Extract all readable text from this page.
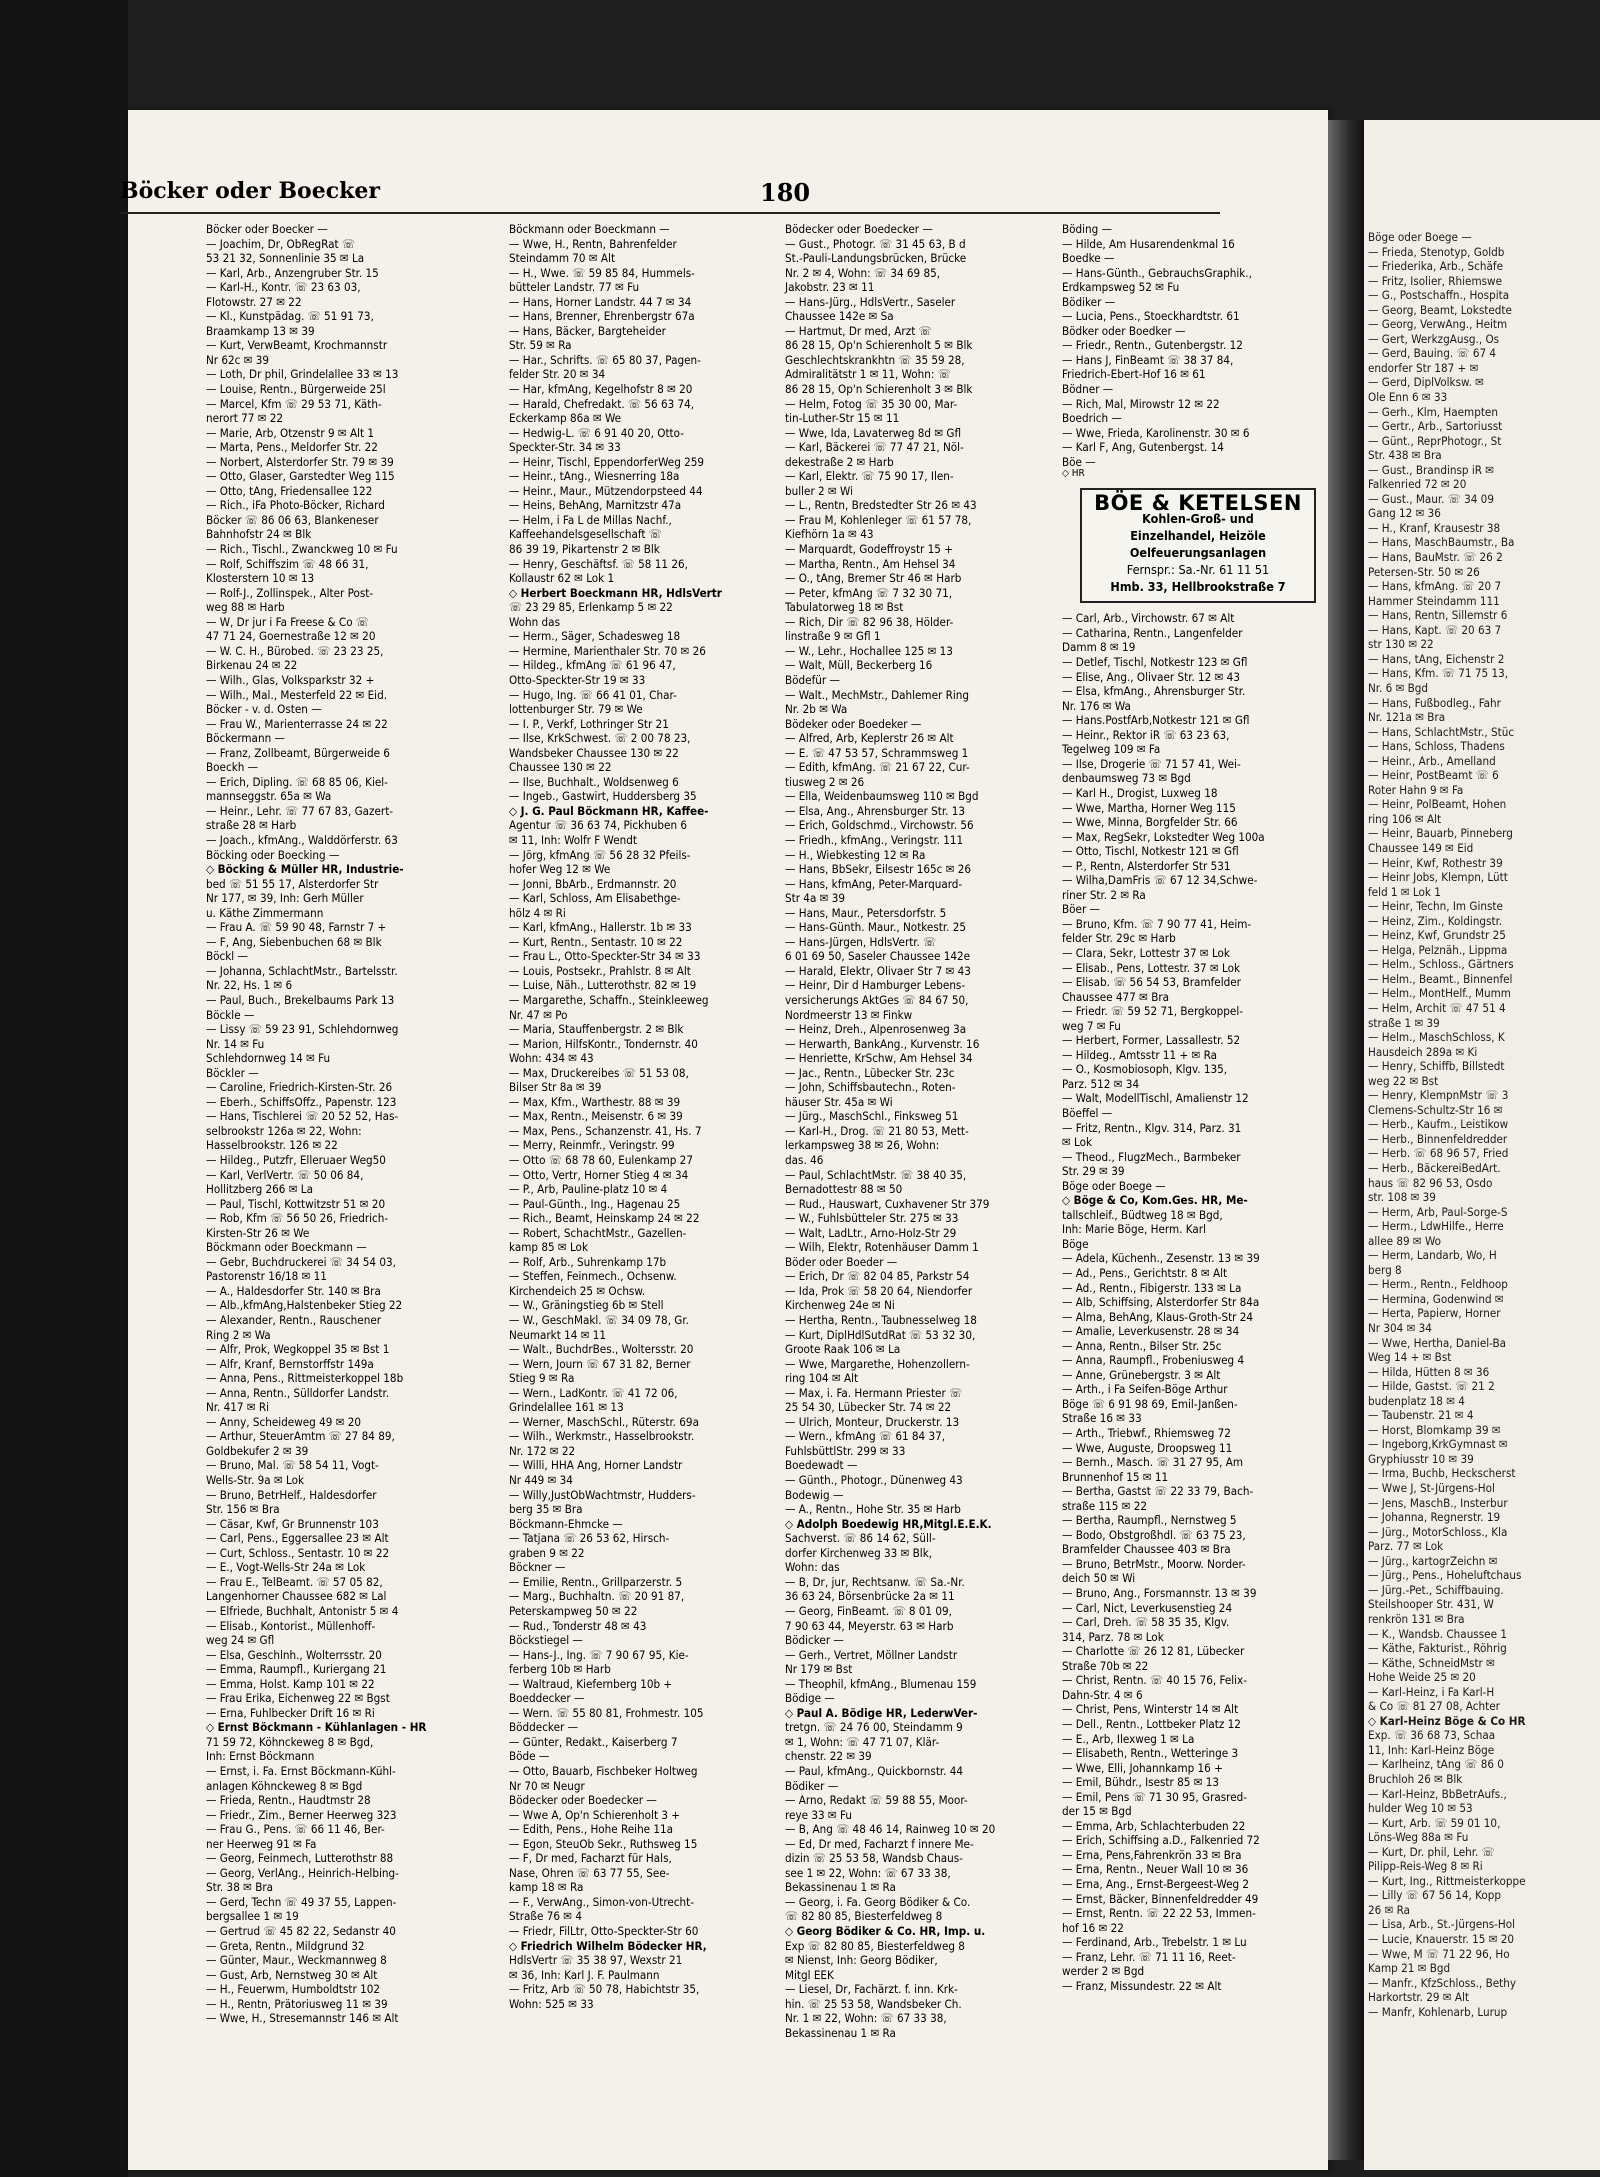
Böge oder Boege —
— Frieda, Stenotyp, Goldb
— Friederika, Arb., Schäfe
— Fritz, Isolier, Rhiemswe
— G., Postschaffn., Hospita
— Georg, Beamt, Lokstedte
— Georg, VerwAng., Heitm
— Gert, WerkzgAusg., Os
— Gerd, Bauing. ☏ 67 4
endorfer Str 187 + ✉
— Gerd, DiplVolksw. ✉
Ole Enn 6 ✉ 33
— Gerh., Klm, Haempten
— Gertr., Arb., Sartoriusst
— Günt., ReprPhotogr., St
Str. 438 ✉ Bra
— Gust., Brandinsp iR ✉
Falkenried 72 ✉ 20
— Gust., Maur. ☏ 34 09
Gang 12 ✉ 36
— H., Kranf, Krausestr 38
— Hans, MaschBaumstr., Ba
— Hans, BauMstr. ☏ 26 2
Petersen-Str. 50 ✉ 26
— Hans, kfmAng. ☏ 20 7
Hammer Steindamm 111
— Hans, Rentn, Sillemstr 6
— Hans, Kapt. ☏ 20 63 7
str 130 ✉ 22
— Hans, tAng, Eichenstr 2
— Hans, Kfm. ☏ 71 75 13,
Nr. 6 ✉ Bgd
— Hans, Fußbodleg., Fahr
Nr. 121a ✉ Bra
— Hans, SchlachtMstr., Stüc
— Hans, Schloss, Thadens
— Heinr., Arb., Amelland
— Heinr, PostBeamt ☏ 6
Roter Hahn 9 ✉ Fa
— Heinr, PolBeamt, Hohen
ring 106 ✉ Alt
— Heinr, Bauarb, Pinneberg
Chaussee 149 ✉ Eid
— Heinr, Kwf, Rothestr 39
— Heinr Jobs, Klempn, Lütt
feld 1 ✉ Lok 1
— Heinr, Techn, Im Ginste
— Heinz, Zim., Koldingstr.
— Heinz, Kwf, Grundstr 25
— Helga, Pelznäh., Lippma
— Helm., Schloss., Gärtners
— Helm., Beamt., Binnenfel
— Helm., MontHelf., Mumm
— Helm, Archit ☏ 47 51 4
straße 1 ✉ 39
— Helm., MaschSchloss, K
Hausdeich 289a ✉ Ki
— Henry, Schiffb, Billstedt
weg 22 ✉ Bst
— Henry, KlempnMstr ☏ 3
Clemens-Schultz-Str 16 ✉
— Herb., Kaufm., Leistikow
— Herb., Binnenfeldredder
— Herb. ☏ 68 96 57, Fried
— Herb., BäckereiBedArt.
haus ☏ 82 96 53, Osdo
str. 108 ✉ 39
— Herm, Arb, Paul-Sorge-S
— Herm., LdwHilfe., Herre
allee 89 ✉ Wo
— Herm, Landarb, Wo, H
berg 8
— Herm., Rentn., Feldhoop
— Hermina, Godenwind ✉
— Herta, Papierw, Horner
Nr 304 ✉ 34
— Wwe, Hertha, Daniel-Ba
Weg 14 + ✉ Bst
— Hilda, Hütten 8 ✉ 36
— Hilde, Gastst. ☏ 21 2
budenplatz 18 ✉ 4
— Taubenstr. 21 ✉ 4
— Horst, Blomkamp 39 ✉
— Ingeborg,KrkGymnast ✉
Gryphiusstr 10 ✉ 39
— Irma, Buchb, Heckscherst
— Wwe J, St-Jürgens-Hol
— Jens, MaschB., Insterbur
— Johanna, Regnerstr. 19
— Jürg., MotorSchloss., Kla
Parz. 77 ✉ Lok
— Jürg., kartogrZeichn ✉
— Jürg., Pens., Hoheluftchaus
— Jürg.-Pet., Schiffbauing.
Steilshooper Str. 431, W
renkrön 131 ✉ Bra
— K., Wandsb. Chaussee 1
— Käthe, Fakturist., Röhrig
— Käthe, SchneidMstr ✉
Hohe Weide 25 ✉ 20
— Karl-Heinz, i Fa Karl-H
& Co ☏ 81 27 08, Achter
◇ Karl-Heinz Böge & Co HR
Exp. ☏ 36 68 73, Schaa
11, Inh: Karl-Heinz Böge
— Karlheinz, tAng ☏ 86 0
Bruchloh 26 ✉ Blk
— Karl-Heinz, BbBetrAufs.,
hulder Weg 10 ✉ 53
— Kurt, Arb. ☏ 59 01 10,
Löns-Weg 88a ✉ Fu
— Kurt, Dr. phil, Lehr. ☏
Pilipp-Reis-Weg 8 ✉ Ri
— Kurt, Ing., Rittmeisterkoppe
— Lilly ☏ 67 56 14, Kopp
26 ✉ Ra
— Lisa, Arb., St.-Jürgens-Hol
— Lucie, Knauerstr. 15 ✉ 20
— Wwe, M ☏ 71 22 96, Ho
Kamp 21 ✉ Bgd
— Manfr., KfzSchloss., Bethy
Harkortstr. 29 ✉ Alt
— Manfr, Kohlenarb, Lurup
Böcker oder Boecker	180
Böcker oder Boecker —
— Joachim, Dr, ObRegRat ☏
53 21 32, Sonnenlinie 35 ✉ La
— Karl, Arb., Anzengruber Str. 15
— Karl-H., Kontr. ☏ 23 63 03,
Flotowstr. 27 ✉ 22
— Kl., Kunstpädag. ☏ 51 91 73,
Braamkamp 13 ✉ 39
— Kurt, VerwBeamt, Krochmannstr
Nr 62c ✉ 39
— Loth, Dr phil, Grindelallee 33 ✉ 13
— Louise, Rentn., Bürgerweide 25l
— Marcel, Kfm ☏ 29 53 71, Käth-
nerort 77 ✉ 22
— Marie, Arb, Otzenstr 9 ✉ Alt 1
— Marta, Pens., Meldorfer Str. 22
— Norbert, Alsterdorfer Str. 79 ✉ 39
— Otto, Glaser, Garstedter Weg 115
— Otto, tAng, Friedensallee 122
— Rich., iFa Photo-Böcker, Richard
Böcker ☏ 86 06 63, Blankeneser
Bahnhofstr 24 ✉ Blk
— Rich., Tischl., Zwanckweg 10 ✉ Fu
— Rolf, Schiffszim ☏ 48 66 31,
Klosterstern 10 ✉ 13
— Rolf-J., Zollinspek., Alter Post-
weg 88 ✉ Harb
— W, Dr jur i Fa Freese & Co ☏
47 71 24, Goernestraße 12 ✉ 20
— W. C. H., Bürobed. ☏ 23 23 25,
Birkenau 24 ✉ 22
— Wilh., Glas, Volksparkstr 32 +
— Wilh., Mal., Mesterfeld 22 ✉ Eid.
Böcker - v. d. Osten —
— Frau W., Marienterrasse 24 ✉ 22
Böckermann —
— Franz, Zollbeamt, Bürgerweide 6
Boeckh —
— Erich, Dipling. ☏ 68 85 06, Kiel-
mannseggstr. 65a ✉ Wa
— Heinr., Lehr. ☏ 77 67 83, Gazert-
straße 28 ✉ Harb
— Joach., kfmAng., Walddörferstr. 63
Böcking oder Boecking —
◇ Böcking & Müller HR, Industrie-
bed ☏ 51 55 17, Alsterdorfer Str
Nr 177, ✉ 39, Inh: Gerh Müller
u. Käthe Zimmermann
— Frau A. ☏ 59 90 48, Farnstr 7 +
— F, Ang, Siebenbuchen 68 ✉ Blk
Böckl —
— Johanna, SchlachtMstr., Bartelsstr.
Nr. 22, Hs. 1 ✉ 6
— Paul, Buch., Brekelbaums Park 13
Böckle —
— Lissy ☏ 59 23 91, Schlehdornweg
Nr. 14 ✉ Fu
Schlehdornweg 14 ✉ Fu
Böckler —
— Caroline, Friedrich-Kirsten-Str. 26
— Eberh., SchiffsOffz., Papenstr. 123
— Hans, Tischlerei ☏ 20 52 52, Has-
selbrookstr 126a ✉ 22, Wohn:
Hasselbrookstr. 126 ✉ 22
— Hildeg., Putzfr, Elleruaer Weg50
— Karl, VerlVertr. ☏ 50 06 84,
Hollitzberg 266 ✉ La
— Paul, Tischl, Kottwitzstr 51 ✉ 20
— Rob, Kfm ☏ 56 50 26, Friedrich-
Kirsten-Str 26 ✉ We
Böckmann oder Boeckmann —
— Gebr, Buchdruckerei ☏ 34 54 03,
Pastorenstr 16/18 ✉ 11
— A., Haldesdorfer Str. 140 ✉ Bra
— Alb.,kfmAng,Halstenbeker Stieg 22
— Alexander, Rentn., Rauschener
Ring 2 ✉ Wa
— Alfr, Prok, Wegkoppel 35 ✉ Bst 1
— Alfr, Kranf, Bernstorffstr 149a
— Anna, Pens., Rittmeisterkoppel 18b
— Anna, Rentn., Sülldorfer Landstr.
Nr. 417 ✉ Ri
— Anny, Scheideweg 49 ✉ 20
— Arthur, SteuerAmtm ☏ 27 84 89,
Goldbekufer 2 ✉ 39
— Bruno, Mal. ☏ 58 54 11, Vogt-
Wells-Str. 9a ✉ Lok
— Bruno, BetrHelf., Haldesdorfer
Str. 156 ✉ Bra
— Cäsar, Kwf, Gr Brunnenstr 103
— Carl, Pens., Eggersallee 23 ✉ Alt
— Curt, Schloss., Sentastr. 10 ✉ 22
— E., Vogt-Wells-Str 24a ✉ Lok
— Frau E., TelBeamt. ☏ 57 05 82,
Langenhorner Chaussee 682 ✉ Lal
— Elfriede, Buchhalt, Antonistr 5 ✉ 4
— Elisab., Kontorist., Müllenhoff-
weg 24 ✉ Gfl
— Elsa, Geschlnh., Wolterrsstr. 20
— Emma, Raumpfl., Kuriergang 21
— Emma, Holst. Kamp 101 ✉ 22
— Frau Erika, Eichenweg 22 ✉ Bgst
— Erna, Fuhlbecker Drift 16 ✉ Ri
◇ Ernst Böckmann - Kühlanlagen - HR
71 59 72, Köhnckeweg 8 ✉ Bgd,
Inh: Ernst Böckmann
— Ernst, i. Fa. Ernst Böckmann-Kühl-
anlagen Köhnckeweg 8 ✉ Bgd
— Frieda, Rentn., Haudtmstr 28
— Friedr., Zim., Berner Heerweg 323
— Frau G., Pens. ☏ 66 11 46, Ber-
ner Heerweg 91 ✉ Fa
— Georg, Feinmech, Lutterothstr 88
— Georg, VerlAng., Heinrich-Helbing-
Str. 38 ✉ Bra
— Gerd, Techn ☏ 49 37 55, Lappen-
bergsallee 1 ✉ 19
— Gertrud ☏ 45 82 22, Sedanstr 40
— Greta, Rentn., Mildgrund 32
— Günter, Maur., Weckmannweg 8
— Gust, Arb, Nernstweg 30 ✉ Alt
— H., Feuerwm, Humboldtstr 102
— H., Rentn, Prätoriusweg 11 ✉ 39
— Wwe, H., Stresemannstr 146 ✉ Alt
Böckmann oder Boeckmann —
— Wwe, H., Rentn, Bahrenfelder
Steindamm 70 ✉ Alt
— H., Wwe. ☏ 59 85 84, Hummels-
bütteler Landstr. 77 ✉ Fu
— Hans, Horner Landstr. 44 7 ✉ 34
— Hans, Brenner, Ehrenbergstr 67a
— Hans, Bäcker, Bargteheider
Str. 59 ✉ Ra
— Har., Schrifts. ☏ 65 80 37, Pagen-
felder Str. 20 ✉ 34
— Har, kfmAng, Kegelhofstr 8 ✉ 20
— Harald, Chefredakt. ☏ 56 63 74,
Eckerkamp 86a ✉ We
— Hedwig-L. ☏ 6 91 40 20, Otto-
Speckter-Str. 34 ✉ 33
— Heinr, Tischl, EppendorferWeg 259
— Heinr., tAng., Wiesnerring 18a
— Heinr., Maur., Mützendorpsteed 44
— Heins, BehAng, Marnitzstr 47a
— Helm, i Fa L de Millas Nachf.,
Kaffeehandelsgesellschaft ☏
86 39 19, Pikartenstr 2 ✉ Blk
— Henry, Geschäftsf. ☏ 58 11 26,
Kollaustr 62 ✉ Lok 1
◇ Herbert Boeckmann HR, HdlsVertr
☏ 23 29 85, Erlenkamp 5 ✉ 22
Wohn das
— Herm., Säger, Schadesweg 18
— Hermine, Marienthaler Str. 70 ✉ 26
— Hildeg., kfmAng ☏ 61 96 47,
Otto-Speckter-Str 19 ✉ 33
— Hugo, Ing. ☏ 66 41 01, Char-
lottenburger Str. 79 ✉ We
— I. P., Verkf, Lothringer Str 21
— Ilse, KrkSchwest. ☏ 2 00 78 23,
Wandsbeker Chaussee 130 ✉ 22
Chaussee 130 ✉ 22
— Ilse, Buchhalt., Woldsenweg 6
— Ingeb., Gastwirt, Huddersberg 35
◇ J. G. Paul Böckmann HR, Kaffee-
Agentur ☏ 36 63 74, Pickhuben 6
✉ 11, Inh: Wolfr F Wendt
— Jörg, kfmAng ☏ 56 28 32 Pfeils-
hofer Weg 12 ✉ We
— Jonni, BbArb., Erdmannstr. 20
— Karl, Schloss, Am Elisabethge-
hölz 4 ✉ Ri
— Karl, kfmAng., Hallerstr. 1b ✉ 33
— Kurt, Rentn., Sentastr. 10 ✉ 22
— Frau L., Otto-Speckter-Str 34 ✉ 33
— Louis, Postsekr., Prahlstr. 8 ✉ Alt
— Luise, Näh., Lutterothstr. 82 ✉ 19
— Margarethe, Schaffn., Steinkleeweg
Nr. 47 ✉ Po
— Maria, Stauffenbergstr. 2 ✉ Blk
— Marion, HilfsKontr., Tondernstr. 40
Wohn: 434 ✉ 43
— Max, Druckereibes ☏ 51 53 08,
Bilser Str 8a ✉ 39
— Max, Kfm., Warthestr. 88 ✉ 39
— Max, Rentn., Meisenstr. 6 ✉ 39
— Max, Pens., Schanzenstr. 41, Hs. 7
— Merry, Reinmfr., Veringstr. 99
— Otto ☏ 68 78 60, Eulenkamp 27
— Otto, Vertr, Horner Stieg 4 ✉ 34
— P., Arb, Pauline-platz 10 ✉ 4
— Paul-Günth., Ing., Hagenau 25
— Rich., Beamt, Heinskamp 24 ✉ 22
— Robert, SchachtMstr., Gazellen-
kamp 85 ✉ Lok
— Rolf, Arb., Suhrenkamp 17b
— Steffen, Feinmech., Ochsenw.
Kirchendeich 25 ✉ Ochsw.
— W., Gräningstieg 6b ✉ Stell
— W., GeschMakl. ☏ 34 09 78, Gr.
Neumarkt 14 ✉ 11
— Walt., BuchdrBes., Woltersstr. 20
— Wern, Journ ☏ 67 31 82, Berner
Stieg 9 ✉ Ra
— Wern., LadKontr. ☏ 41 72 06,
Grindelallee 161 ✉ 13
— Werner, MaschSchl., Rüterstr. 69a
— Wilh., Werkmstr., Hasselbrookstr.
Nr. 172 ✉ 22
— Willi, HHA Ang, Horner Landstr
Nr 449 ✉ 34
— Willy,JustObWachtmstr, Hudders-
berg 35 ✉ Bra
Böckmann-Ehmcke —
— Tatjana ☏ 26 53 62, Hirsch-
graben 9 ✉ 22
Böckner —
— Emilie, Rentn., Grillparzerstr. 5
— Marg., Buchhaltn. ☏ 20 91 87,
Peterskampweg 50 ✉ 22
— Rud., Tonderstr 48 ✉ 43
Böckstiegel —
— Hans-J., Ing. ☏ 7 90 67 95, Kie-
ferberg 10b ✉ Harb
— Waltraud, Kiefernberg 10b +
Boeddecker —
— Wern. ☏ 55 80 81, Frohmestr. 105
Böddecker —
— Günter, Redakt., Kaiserberg 7
Böde —
— Otto, Bauarb, Fischbeker Holtweg
Nr 70 ✉ Neugr
Bödecker oder Boedecker —
— Wwe A, Op'n Schierenholt 3 +
— Edith, Pens., Hohe Reihe 11a
— Egon, SteuOb Sekr., Ruthsweg 15
— F, Dr med, Facharzt für Hals,
Nase, Ohren ☏ 63 77 55, See-
kamp 18 ✉ Ra
— F., VerwAng., Simon-von-Utrecht-
Straße 76 ✉ 4
— Friedr, FilLtr, Otto-Speckter-Str 60
◇ Friedrich Wilhelm Bödecker HR,
HdlsVertr ☏ 35 38 97, Wexstr 21
✉ 36, Inh: Karl J. F. Paulmann
— Fritz, Arb ☏ 50 78, Habichtstr 35,
Wohn: 525 ✉ 33
Bödecker oder Boedecker —
— Gust., Photogr. ☏ 31 45 63, B d
St.-Pauli-Landungsbrücken, Brücke
Nr. 2 ✉ 4, Wohn: ☏ 34 69 85,
Jakobstr. 23 ✉ 11
— Hans-Jürg., HdlsVertr., Saseler
Chaussee 142e ✉ Sa
— Hartmut, Dr med, Arzt ☏
86 28 15, Op'n Schierenholt 5 ✉ Blk
Geschlechtskrankhtn ☏ 35 59 28,
Admiralitätstr 1 ✉ 11, Wohn: ☏
86 28 15, Op'n Schierenholt 3 ✉ Blk
— Helm, Fotog ☏ 35 30 00, Mar-
tin-Luther-Str 15 ✉ 11
— Wwe, Ida, Lavaterweg 8d ✉ Gfl
— Karl, Bäckerei ☏ 77 47 21, Nöl-
dekestraße 2 ✉ Harb
— Karl, Elektr. ☏ 75 90 17, Ilen-
buller 2 ✉ Wi
— L., Rentn, Bredstedter Str 26 ✉ 43
— Frau M, Kohlenleger ☏ 61 57 78,
Kiefhörn 1a ✉ 43
— Marquardt, Godeffroystr 15 +
— Martha, Rentn., Am Hehsel 34
— O., tAng, Bremer Str 46 ✉ Harb
— Peter, kfmAng ☏ 7 32 30 71,
Tabulatorweg 18 ✉ Bst
— Rich, Dir ☏ 82 96 38, Hölder-
linstraße 9 ✉ Gfl 1
— W., Lehr., Hochallee 125 ✉ 13
— Walt, Müll, Beckerberg 16
Bödefür —
— Walt., MechMstr., Dahlemer Ring
Nr. 2b ✉ Wa
Bödeker oder Boedeker —
— Alfred, Arb, Keplerstr 26 ✉ Alt
— E. ☏ 47 53 57, Schrammsweg 1
— Edith, kfmAng. ☏ 21 67 22, Cur-
tiusweg 2 ✉ 26
— Ella, Weidenbaumsweg 110 ✉ Bgd
— Elsa, Ang., Ahrensburger Str. 13
— Erich, Goldschmd., Virchowstr. 56
— Friedh., kfmAng., Veringstr. 111
— H., Wiebkesting 12 ✉ Ra
— Hans, BbSekr, Eilsestr 165c ✉ 26
— Hans, kfmAng, Peter-Marquard-
Str 4a ✉ 39
— Hans, Maur., Petersdorfstr. 5
— Hans-Günth. Maur., Notkestr. 25
— Hans-Jürgen, HdlsVertr. ☏
6 01 69 50, Saseler Chaussee 142e
— Harald, Elektr, Olivaer Str 7 ✉ 43
— Heinr, Dir d Hamburger Lebens-
versicherungs AktGes ☏ 84 67 50,
Nordmeerstr 13 ✉ Finkw
— Heinz, Dreh., Alpenrosenweg 3a
— Herwarth, BankAng., Kurvenstr. 16
— Henriette, KrSchw, Am Hehsel 34
— Jac., Rentn., Lübecker Str. 23c
— John, Schiffsbautechn., Roten-
häuser Str. 45a ✉ Wi
— Jürg., MaschSchl., Finksweg 51
— Karl-H., Drog. ☏ 21 80 53, Mett-
lerkampsweg 38 ✉ 26, Wohn:
das. 46
— Paul, SchlachtMstr. ☏ 38 40 35,
Bernadottestr 88 ✉ 50
— Rud., Hauswart, Cuxhavener Str 379
— W., Fuhlsbütteler Str. 275 ✉ 33
— Walt, LadLtr., Arno-Holz-Str 29
— Wilh, Elektr, Rotenhäuser Damm 1
Böder oder Boeder —
— Erich, Dr ☏ 82 04 85, Parkstr 54
— Ida, Prok ☏ 58 20 64, Niendorfer
Kirchenweg 24e ✉ Ni
— Hertha, Rentn., Taubnesselweg 18
— Kurt, DiplHdlSutdRat ☏ 53 32 30,
Groote Raak 106 ✉ La
— Wwe, Margarethe, Hohenzollern-
ring 104 ✉ Alt
— Max, i. Fa. Hermann Priester ☏
25 54 30, Lübecker Str. 74 ✉ 22
— Ulrich, Monteur, Druckerstr. 13
— Wern., kfmAng ☏ 61 84 37,
FuhlsbüttlStr. 299 ✉ 33
Boedewadt —
— Günth., Photogr., Dünenweg 43
Bodewig —
— A., Rentn., Hohe Str. 35 ✉ Harb
◇ Adolph Boedewig HR,Mitgl.E.E.K.
Sachverst. ☏ 86 14 62, Süll-
dorfer Kirchenweg 33 ✉ Blk,
Wohn: das
— B, Dr, jur, Rechtsanw. ☏ Sa.-Nr.
36 63 24, Börsenbrücke 2a ✉ 11
— Georg, FinBeamt. ☏ 8 01 09,
7 90 63 44, Meyerstr. 63 ✉ Harb
Bödicker —
— Gerh., Vertret, Möllner Landstr
Nr 179 ✉ Bst
— Theophil, kfmAng., Blumenau 159
Bödige —
◇ Paul A. Bödige HR, LederwVer-
tretgn. ☏ 24 76 00, Steindamm 9
✉ 1, Wohn: ☏ 47 71 07, Klär-
chenstr. 22 ✉ 39
— Paul, kfmAng., Quickbornstr. 44
Bödiker —
— Arno, Redakt ☏ 59 88 55, Moor-
reye 33 ✉ Fu
— B, Ang ☏ 48 46 14, Rainweg 10 ✉ 20
— Ed, Dr med, Facharzt f innere Me-
dizin ☏ 25 53 58, Wandsb Chaus-
see 1 ✉ 22, Wohn: ☏ 67 33 38,
Bekassinenau 1 ✉ Ra
— Georg, i. Fa. Georg Bödiker & Co.
☏ 82 80 85, Biesterfeldweg 8
◇ Georg Bödiker & Co. HR, Imp. u.
Exp ☏ 82 80 85, Biesterfeldweg 8
✉ Nienst, Inh: Georg Bödiker,
Mitgl EEK
— Liesel, Dr, Fachärzt. f. inn. Krk-
hin. ☏ 25 53 58, Wandsbeker Ch.
Nr. 1 ✉ 22, Wohn: ☏ 67 33 38,
Bekassinenau 1 ✉ Ra
Böding —
— Hilde, Am Husarendenkmal 16
Boedke —
— Hans-Günth., GebrauchsGraphik.,
Erdkampsweg 52 ✉ Fu
Bödiker —
— Lucia, Pens., Stoeckhardtstr. 61
Bödker oder Boedker —
— Friedr., Rentn., Gutenbergstr. 12
— Hans J, FinBeamt ☏ 38 37 84,
Friedrich-Ebert-Hof 16 ✉ 61
Bödner —
— Rich, Mal, Mirowstr 12 ✉ 22
Boedrich —
— Wwe, Frieda, Karolinenstr. 30 ✉ 6
— Karl F, Ang, Gutenbergst. 14
Böe —
◇ HR
BÖE & KETELSEN
Kohlen-Groß- und
Einzelhandel, Heizöle
Oelfeuerungsanlagen
Fernspr.: Sa.-Nr. 61 11 51
Hmb. 33, Hellbrookstraße 7
— Carl, Arb., Virchowstr. 67 ✉ Alt
— Catharina, Rentn., Langenfelder
Damm 8 ✉ 19
— Detlef, Tischl, Notkestr 123 ✉ Gfl
— Elise, Ang., Olivaer Str. 12 ✉ 43
— Elsa, kfmAng., Ahrensburger Str.
Nr. 176 ✉ Wa
— Hans.PostfArb,Notkestr 121 ✉ Gfl
— Heinr., Rektor iR ☏ 63 23 63,
Tegelweg 109 ✉ Fa
— Ilse, Drogerie ☏ 71 57 41, Wei-
denbaumsweg 73 ✉ Bgd
— Karl H., Drogist, Luxweg 18
— Wwe, Martha, Horner Weg 115
— Wwe, Minna, Borgfelder Str. 66
— Max, RegSekr, Lokstedter Weg 100a
— Otto, Tischl, Notkestr 121 ✉ Gfl
— P., Rentn, Alsterdorfer Str 531
— Wilha,DamFris ☏ 67 12 34,Schwe-
riner Str. 2 ✉ Ra
Böer —
— Bruno, Kfm. ☏ 7 90 77 41, Heim-
felder Str. 29c ✉ Harb
— Clara, Sekr, Lottestr 37 ✉ Lok
— Elisab., Pens, Lottestr. 37 ✉ Lok
— Elisab. ☏ 56 54 53, Bramfelder
Chaussee 477 ✉ Bra
— Friedr. ☏ 59 52 71, Bergkoppel-
weg 7 ✉ Fu
— Herbert, Former, Lassallestr. 52
— Hildeg., Amtsstr 11 + ✉ Ra
— O., Kosmobiosoph, Klgv. 135,
Parz. 512 ✉ 34
— Walt, ModellTischl, Amalienstr 12
Böeffel —
— Fritz, Rentn., Klgv. 314, Parz. 31
✉ Lok
— Theod., FlugzMech., Barmbeker
Str. 29 ✉ 39
Böge oder Boege —
◇ Böge & Co, Kom.Ges. HR, Me-
tallschleif., Büdtweg 18 ✉ Bgd,
Inh: Marie Böge, Herm. Karl
Böge
— Adela, Küchenh., Zesenstr. 13 ✉ 39
— Ad., Pens., Gerichtstr. 8 ✉ Alt
— Ad., Rentn., Fibigerstr. 133 ✉ La
— Alb, Schiffsing, Alsterdorfer Str 84a
— Alma, BehAng, Klaus-Groth-Str 24
— Amalie, Leverkusenstr. 28 ✉ 34
— Anna, Rentn., Bilser Str. 25c
— Anna, Raumpfl., Frobeniusweg 4
— Anne, Grünebergstr. 3 ✉ Alt
— Arth., i Fa Seifen-Böge Arthur
Böge ☏ 6 91 98 69, Emil-Janßen-
Straße 16 ✉ 33
— Arth., Triebwf., Rhiemsweg 72
— Wwe, Auguste, Droopsweg 11
— Bernh., Masch. ☏ 31 27 95, Am
Brunnenhof 15 ✉ 11
— Bertha, Gastst ☏ 22 33 79, Bach-
straße 115 ✉ 22
— Bertha, Raumpfl., Nernstweg 5
— Bodo, Obstgroßhdl. ☏ 63 75 23,
Bramfelder Chaussee 403 ✉ Bra
— Bruno, BetrMstr., Moorw. Norder-
deich 50 ✉ Wi
— Bruno, Ang., Forsmannstr. 13 ✉ 39
— Carl, Nict, Leverkusenstieg 24
— Carl, Dreh. ☏ 58 35 35, Klgv.
314, Parz. 78 ✉ Lok
— Charlotte ☏ 26 12 81, Lübecker
Straße 70b ✉ 22
— Christ, Rentn. ☏ 40 15 76, Felix-
Dahn-Str. 4 ✉ 6
— Christ, Pens, Winterstr 14 ✉ Alt
— Dell., Rentn., Lottbeker Platz 12
— E., Arb, Ilexweg 1 ✉ La
— Elisabeth, Rentn., Wetteringe 3
— Wwe, Elli, Johannkamp 16 +
— Emil, Bühdr., Isestr 85 ✉ 13
— Emil, Pens ☏ 71 30 95, Grasred-
der 15 ✉ Bgd
— Emma, Arb, Schlachterbuden 22
— Erich, Schiffsing a.D., Falkenried 72
— Erna, Pens,Fahrenkrön 33 ✉ Bra
— Erna, Rentn., Neuer Wall 10 ✉ 36
— Erna, Ang., Ernst-Bergeest-Weg 2
— Ernst, Bäcker, Binnenfeldredder 49
— Ernst, Rentn. ☏ 22 22 53, Immen-
hof 16 ✉ 22
— Ferdinand, Arb., Trebelstr. 1 ✉ Lu
— Franz, Lehr. ☏ 71 11 16, Reet-
werder 2 ✉ Bgd
— Franz, Missundestr. 22 ✉ Alt
